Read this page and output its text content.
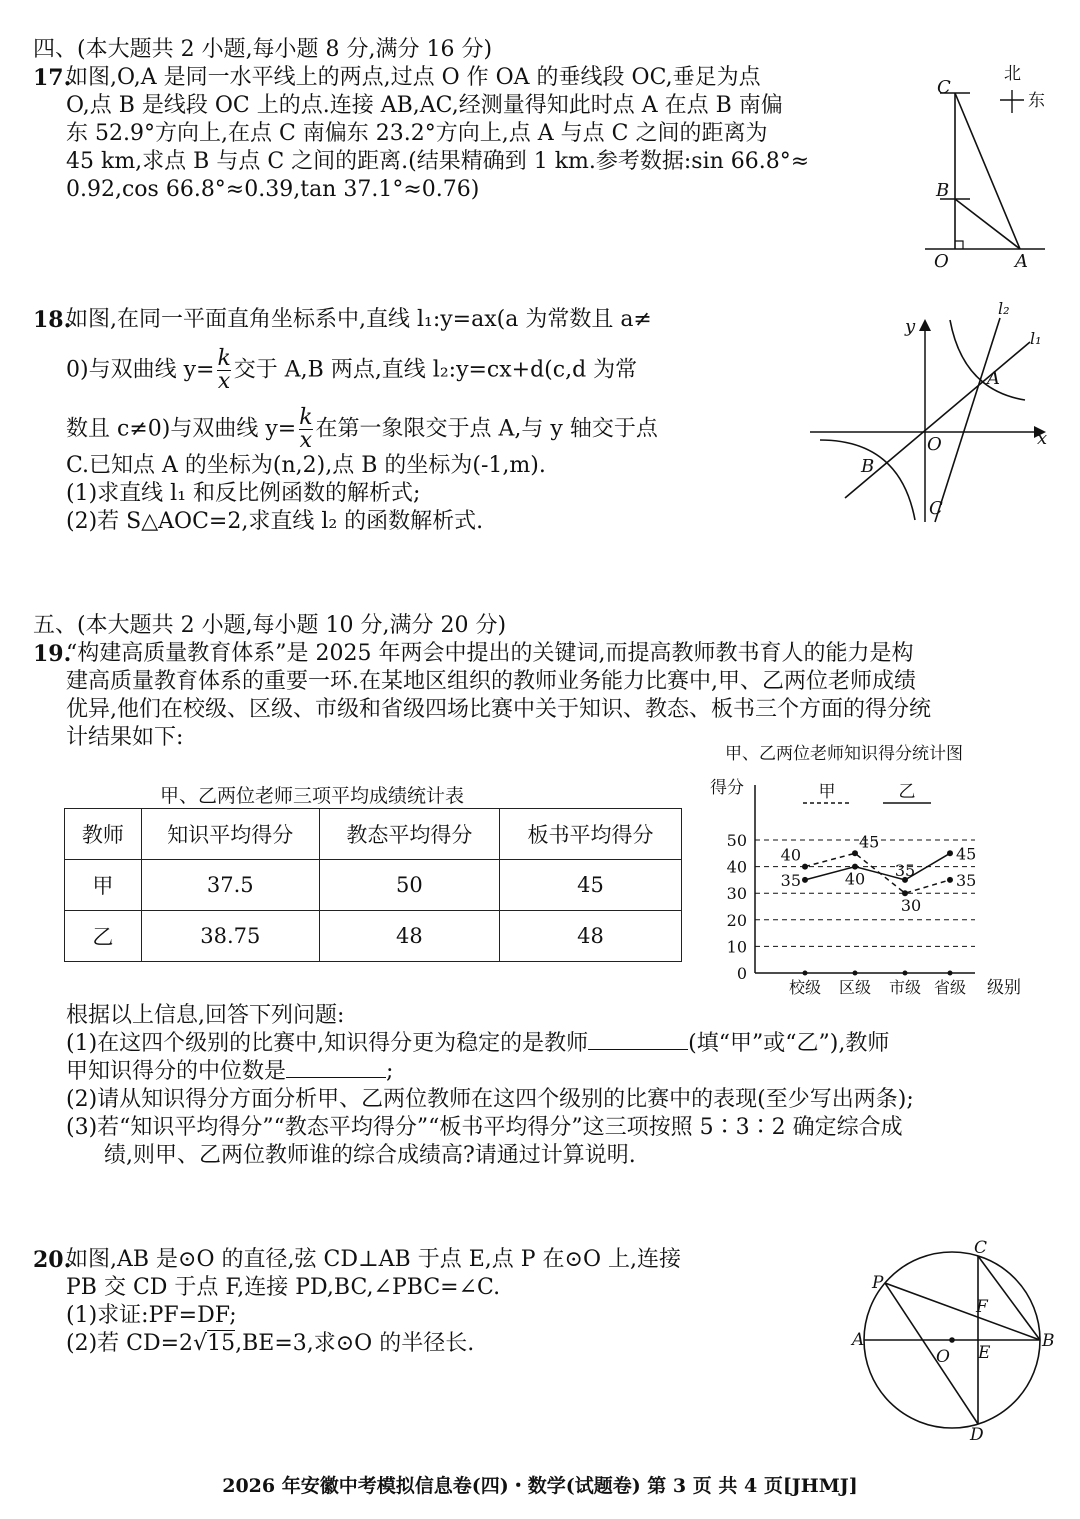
四、(本大题共 2 小题,每小题 8 分,满分 16 分)
17.
如图,O,A 是同一水平线上的两点,过点 O 作 OA 的垂线段 OC,垂足为点
O,点 B 是线段 OC 上的点.连接 AB,AC,经测量得知此时点 A 在点 B 南偏
东 52.9°方向上,在点 C 南偏东 23.2°方向上,点 A 与点 C 之间的距离为
45 km,求点 B 与点 C 之间的距离.(结果精确到 1 km.参考数据:sin 66.8°≈
0.92,cos 66.8°≈0.39,tan 37.1°≈0.76)
C
B
O	A
北
东
18.
如图,在同一平面直角坐标系中,直线 l₁:y=ax(a 为常数且 a≠
0)与双曲线 $y= \frac{k}{x}$ 交于 A,B 两点,直线 l₂:y=cx+d(c,d 为常
数且 c≠0)与双曲线 $y= \frac{k}{x}$ 在第一象限交于点 A,与 y 轴交于点
C.已知点 A 的坐标为(n,2),点 B 的坐标为(-1,m).
(1)求直线 l₁ 和反比例函数的解析式;
(2)若 S△AOC=2,求直线 l₂ 的函数解析式.
y
x
O
A
B
C
l₂
l₁
五、(本大题共 2 小题,每小题 10 分,满分 20 分)
19.
“构建高质量教育体系”是 2025 年两会中提出的关键词,而提高教师教书育人的能力是构
建高质量教育体系的重要一环.在某地区组织的教师业务能力比赛中,甲、乙两位老师成绩
优异,他们在校级、区级、市级和省级四场比赛中关于知识、教态、板书三个方面的得分统
计结果如下:
甲、乙两位老师三项平均成绩统计表
教师	知识平均得分	教态平均得分	板书平均得分
甲	37.5	50	45
乙	38.75	48	48
甲、乙两位老师知识得分统计图
得分
级别
0
10
20
30
40
50
校级 区级 市级 省级
甲	乙
40
45
30
35
35	40 35
45
根据以上信息,回答下列问题:
(1)在这四个级别的比赛中,知识得分更为稳定的是教师	(填“甲”或“乙”),教师
甲知识得分的中位数是	;
(2)请从知识得分方面分析甲、乙两位教师在这四个级别的比赛中的表现(至少写出两条);
(3)若“知识平均得分”“教态平均得分”“板书平均得分”这三项按照 5∶3∶2 确定综合成
绩,则甲、乙两位教师谁的综合成绩高?请通过计算说明.
20.
如图,AB 是⊙O 的直径,弦 CD⊥AB 于点 E,点 P 在⊙O 上,连接
PB 交 CD 于点 F,连接 PD,BC,∠PBC=∠C.
(1)求证:PF=DF;
(2)若 CD=2√15,BE=3,求⊙O 的半径长.
C
P
F
A
O E
B
D
2026 年安徽中考模拟信息卷(四)・数学(试题卷) 第 3 页 共 4 页[JHMJ]
